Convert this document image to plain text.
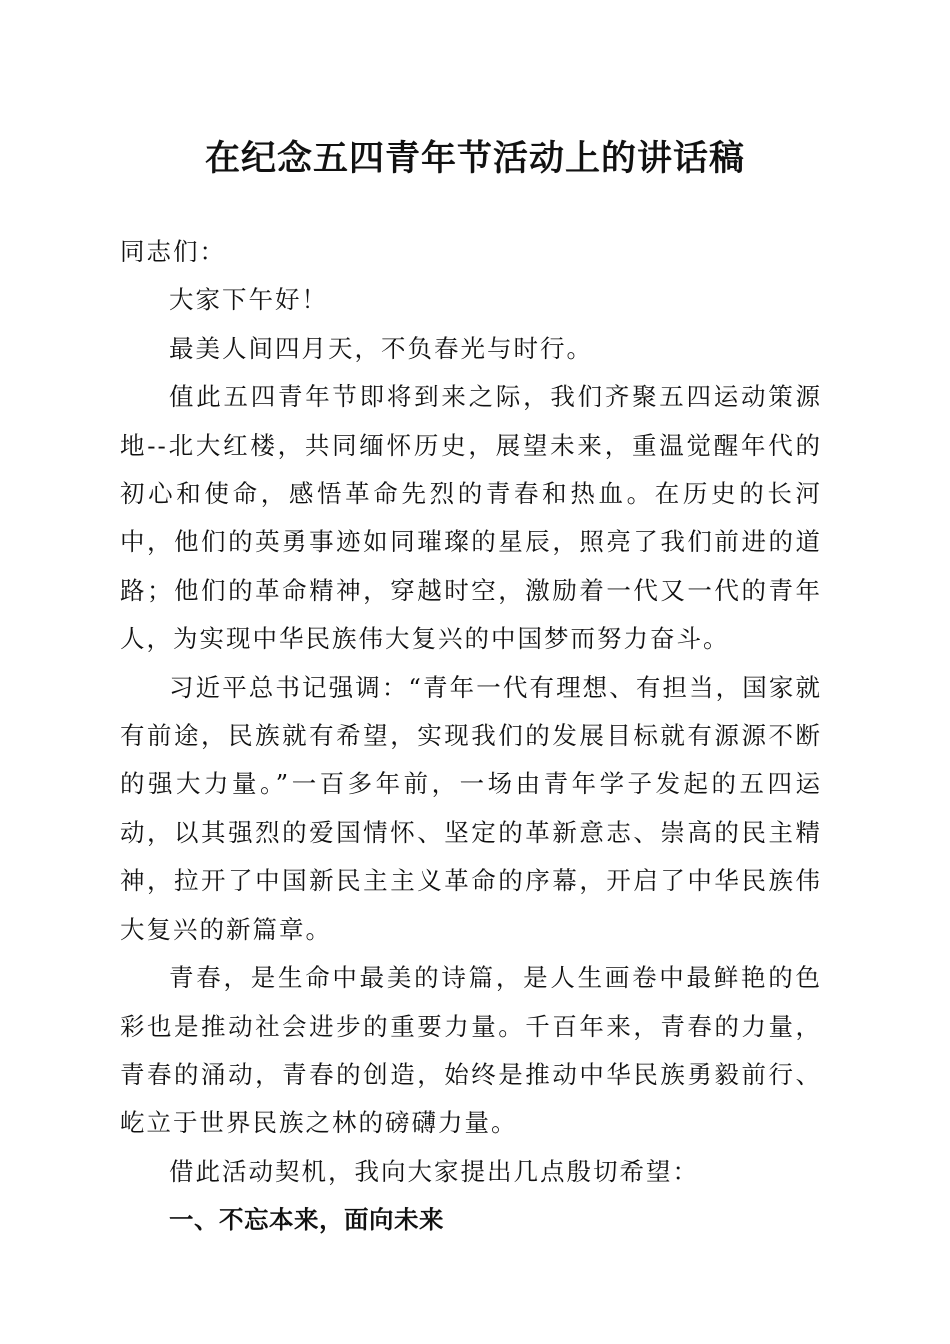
在纪念五四青年节活动上的讲话稿

同志们：

大家下午好！

最美人间四月天，不负春光与时行。

值此五四青年节即将到来之际，我们齐聚五四运动策源地--北大红楼，共同缅怀历史，展望未来，重温觉醒年代的初心和使命，感悟革命先烈的青春和热血。在历史的长河中，他们的英勇事迹如同璀璨的星辰，照亮了我们前进的道路；他们的革命精神，穿越时空，激励着一代又一代的青年人，为实现中华民族伟大复兴的中国梦而努力奋斗。

习近平总书记强调：“青年一代有理想、有担当，国家就有前途，民族就有希望，实现我们的发展目标就有源源不断的强大力量。”一百多年前，一场由青年学子发起的五四运动，以其强烈的爱国情怀、坚定的革新意志、崇高的民主精神，拉开了中国新民主主义革命的序幕，开启了中华民族伟大复兴的新篇章。

青春，是生命中最美的诗篇，是人生画卷中最鲜艳的色彩也是推动社会进步的重要力量。千百年来，青春的力量，青春的涌动，青春的创造，始终是推动中华民族勇毅前行、屹立于世界民族之林的磅礴力量。

借此活动契机，我向大家提出几点殷切希望：

一、不忘本来，面向未来
